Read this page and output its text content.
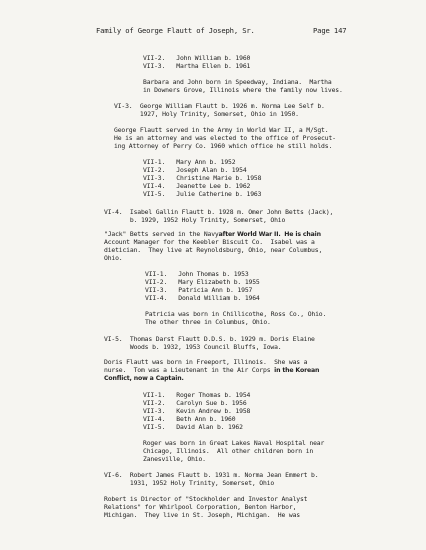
Family of George Flautt of Joseph, Sr.	Page 147
VII-2.   John William b. 1960
VII-3.   Martha Ellen b. 1961
Barbara and John born in Speedway, Indiana.  Martha
in Downers Grove, Illinois where the family now lives.
VI-3.  George William Flautt b. 1926 m. Norma Lee Self b.
1927, Holy Trinity, Somerset, Ohio in 1950.
George Flautt served in the Army in World War II, a M/Sgt.
He is an attorney and was elected to the office of Prosecut-
ing Attorney of Perry Co. 1960 which office he still holds.
VII-1.   Mary Ann b. 1952
VII-2.   Joseph Alan b. 1954
VII-3.   Christine Marie b. 1958
VII-4.   Jeanette Lee b. 1962
VII-5.   Julie Catherine b. 1963
VI-4.  Isabel Gallin Flautt b. 1928 m. Omer John Betts (Jack),
b. 1929, 1952 Holy Trinity, Somerset, Ohio
"Jack" Betts served in the Navyafter World War II. He is chain
Account Manager for the Keebler Biscuit Co.  Isabel was a
dietician.  They live at Reynoldsburg, Ohio, near Columbus,
Ohio.
VII-1.   John Thomas b. 1953
VII-2.   Mary Elizabeth b. 1955
VII-3.   Patricia Ann b. 1957
VII-4.   Donald William b. 1964
Patricia was born in Chillicothe, Ross Co., Ohio.
The other three in Columbus, Ohio.
VI-5.  Thomas Darst Flautt D.D.S. b. 1929 m. Doris Elaine
Woods b. 1932, 1953 Council Bluffs, Iowa.
Doris Flautt was born in Freeport, Illinois.  She was a
nurse.  Tom was a Lieutenant in the Air Corps in the Korean
Conflict, now a Captain.
VII-1.   Roger Thomas b. 1954
VII-2.   Carolyn Sue b. 1956
VII-3.   Kevin Andrew b. 1958
VII-4.   Beth Ann b. 1960
VII-5.   David Alan b. 1962
Roger was born in Great Lakes Naval Hospital near
Chicago, Illinois.  All other children born in
Zanesville, Ohio.
VI-6.  Robert James Flautt b. 1931 m. Norma Jean Emmert b.
1931, 1952 Holy Trinity, Somerset, Ohio
Robert is Director of "Stockholder and Investor Analyst
Relations" for Whirlpool Corporation, Benton Harbor,
Michigan.  They live in St. Joseph, Michigan.  He was
